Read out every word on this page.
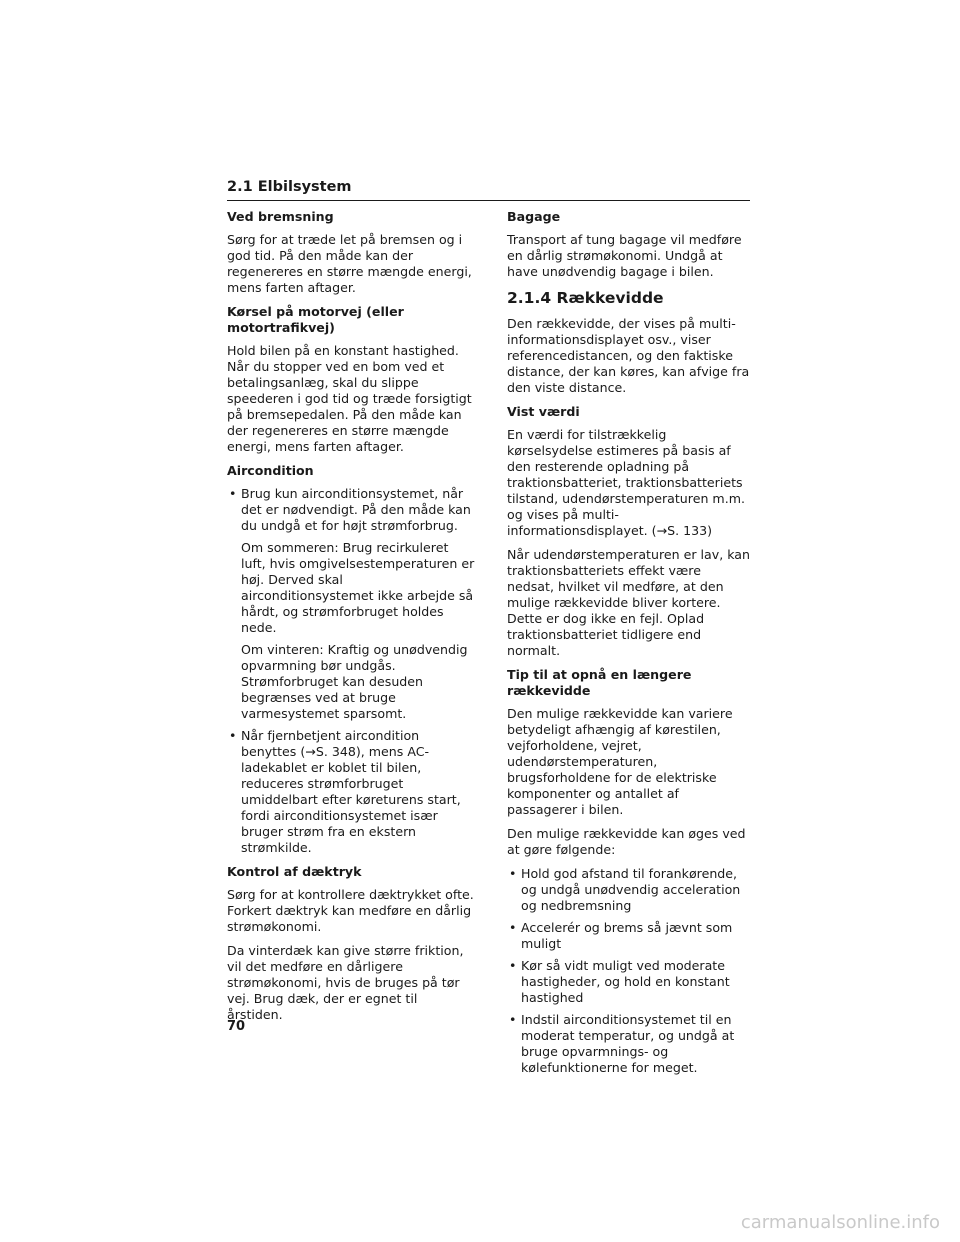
2.1 Elbilsystem
Ved bremsning

Sørg for at træde let på bremsen og i god tid. På den måde kan der regenereres en større mængde energi, mens farten aftager.

Kørsel på motorvej (eller motortrafikvej)

Hold bilen på en konstant hastighed. Når du stopper ved en bom ved et betalingsanlæg, skal du slippe speederen i god tid og træde forsigtigt på bremsepedalen. På den måde kan der regenereres en større mængde energi, mens farten aftager.

Aircondition
• Brug kun airconditionsystemet, når det er nødvendigt. På den måde kan du undgå et for højt strømforbrug.

Om sommeren: Brug recirkuleret luft, hvis omgivelsestemperaturen er høj. Derved skal airconditionsystemet ikke arbejde så hårdt, og strømforbruget holdes nede.

Om vinteren: Kraftig og unødvendig opvarmning bør undgås. Strømforbruget kan desuden begrænses ved at bruge varmesystemet sparsomt.

• Når fjernbetjent aircondition benyttes (→S. 348), mens AC-ladekablet er koblet til bilen, reduceres strømforbruget umiddelbart efter køreturens start, fordi airconditionsystemet især bruger strøm fra en ekstern strømkilde.
Kontrol af dæktryk

Sørg for at kontrollere dæktrykket ofte. Forkert dæktryk kan medføre en dårlig strømøkonomi.

Da vinterdæk kan give større friktion, vil det medføre en dårligere strømøkonomi, hvis de bruges på tør vej. Brug dæk, der er egnet til årstiden.

Bagage

Transport af tung bagage vil medføre en dårlig strømøkonomi. Undgå at have unødvendig bagage i bilen.

2.1.4 Rækkevidde

Den rækkevidde, der vises på multi-informationsdisplayet osv., viser referencedistancen, og den faktiske distance, der kan køres, kan afvige fra den viste distance.

Vist værdi

En værdi for tilstrækkelig kørselsydelse estimeres på basis af den resterende opladning på traktionsbatteriet, traktionsbatteriets tilstand, udendørstemperaturen m.m. og vises på multi-informationsdisplayet. (→S. 133)

Når udendørstemperaturen er lav, kan traktionsbatteriets effekt være nedsat, hvilket vil medføre, at den mulige rækkevidde bliver kortere. Dette er dog ikke en fejl. Oplad traktionsbatteriet tidligere end normalt.

Tip til at opnå en længere rækkevidde

Den mulige rækkevidde kan variere betydeligt afhængig af kørestilen, vejforholdene, vejret, udendørstemperaturen, brugsforholdene for de elektriske komponenter og antallet af passagerer i bilen.

Den mulige rækkevidde kan øges ved at gøre følgende:

• Hold god afstand til forankørende, og undgå unødvendig acceleration og nedbremsning
• Accelerér og brems så jævnt som muligt
• Kør så vidt muligt ved moderate hastigheder, og hold en konstant hastighed
• Indstil airconditionsystemet til en moderat temperatur, og undgå at bruge opvarmnings- og kølefunktionerne for meget.
70
carmanualsonline.info
